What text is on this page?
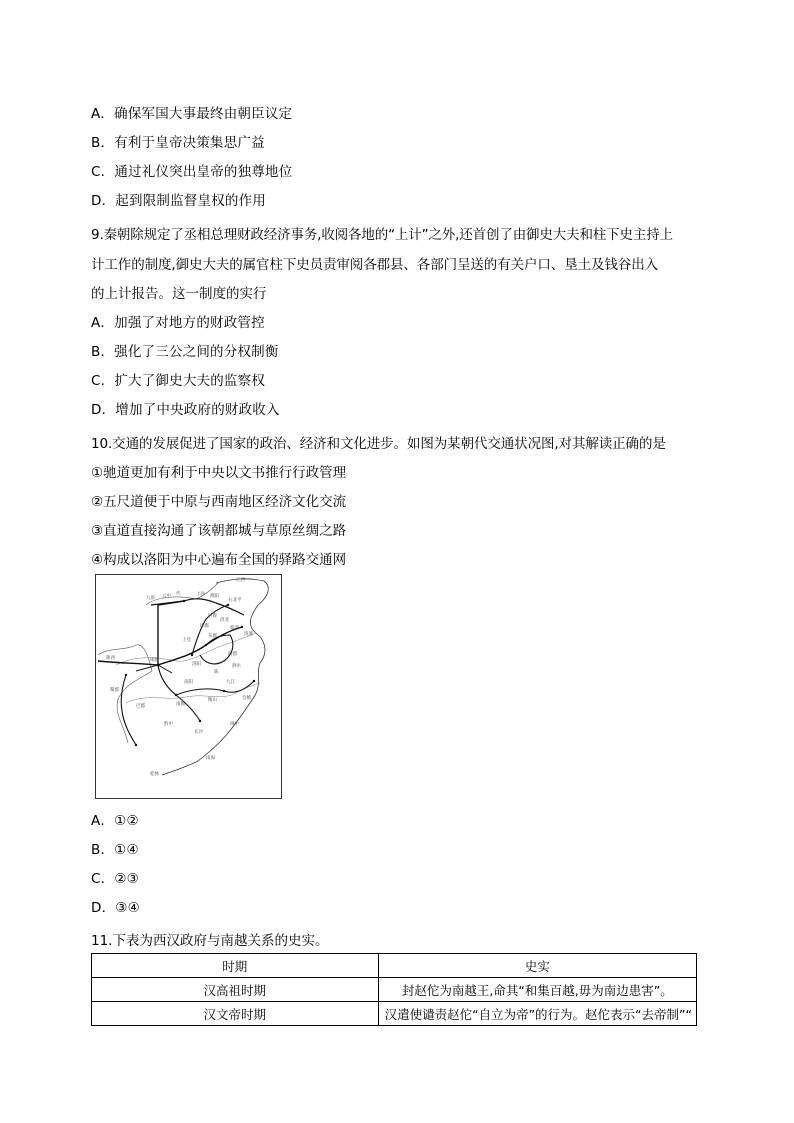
A．确保军国大事最终由朝臣议定
B．有利于皇帝决策集思广益
C．通过礼仪突出皇帝的独尊地位
D．起到限制监督皇权的作用
9.秦朝除规定了丞相总理财政经济事务,收阅各地的“上计”之外,还首创了由御史大夫和柱下史主持上
计工作的制度,御史大夫的属官柱下史员责审阅各郡县、各部门呈送的有关户口、垦土及钱谷出入
的上计报告。这一制度的实行
A．加强了对地方的财政管控
B．强化了三公之间的分权制衡
C．扩大了御史大夫的监察权
D．增加了中央政府的财政收入
10.交通的发展促进了国家的政治、经济和文化进步。如图为某朝代交通状况图,对其解读正确的是
①驰道更加有利于中央以文书推行行政管理
②五尺道便于中原与西南地区经济文化交流
③直道直接沟通了该朝都城与草原丝绸之路
④构成以洛阳为中心遍布全国的驿路交通网
辽西
九原 云中 代	上谷 渔阳
右北平
邯郸
巨鹿
上党
咸阳
陇西
蜀郡
巴郡
洛阳
陈
南阳
南郡
长沙
黔中	闽中
南海
桂林
琅琊
会稽
衡山
九江
临淄
济北
东郡
薛郡
泗水
A．①②
B．①④
C．②③
D．③④
11.下表为西汉政府与南越关系的史实。
时期	史实
汉高祖时期	封赵佗为南越王,命其“和集百越,毋为南边患害”。
汉文帝时期	汉遣使谴责赵佗“自立为帝”的行为。赵佗表示“去帝制”“
